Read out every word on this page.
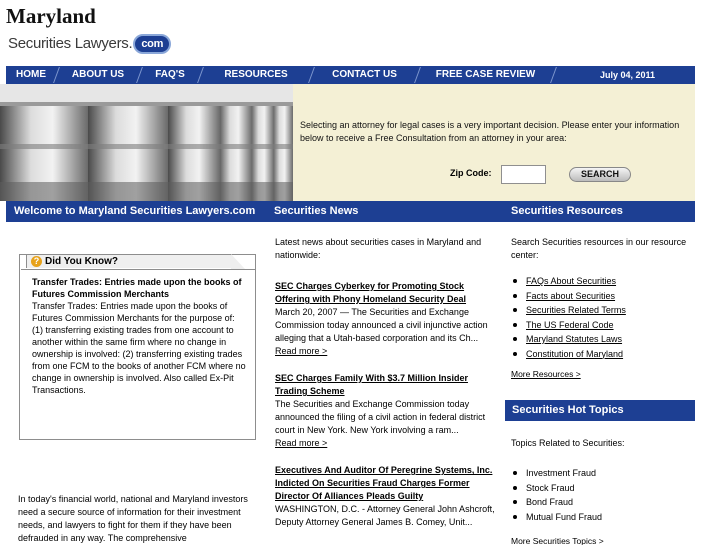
Maryland
Securities Lawyers. com
HOME	ABOUT US	FAQ'S	RESOURCES	CONTACT US	FREE CASE REVIEW	July 04, 2011
Selecting an attorney for legal cases is a very important decision. Please enter your information below to receive a Free Consultation from an attorney in your area:
Zip Code:	SEARCH
Welcome to Maryland Securities Lawyers.com	Securities News	Securities Resources
? Did You Know?
Transfer Trades: Entries made upon the books of Futures Commission Merchants
Transfer Trades: Entries made upon the books of Futures Commission Merchants for the purpose of: (1) transferring existing trades from one account to another within the same firm where no change in ownership is involved: (2) transferring existing trades from one FCM to the books of another FCM where no change in ownership is involved. Also called Ex-Pit Transactions.
In today's financial world, national and Maryland investors need a secure source of information for their investment needs, and lawyers to fight for them if they have been defrauded in any way. The comprehensive
Latest news about securities cases in Maryland and nationwide:
SEC Charges Cyberkey for Promoting Stock Offering with Phony Homeland Security Deal
March 20, 2007 — The Securities and Exchange Commission today announced a civil injunctive action alleging that a Utah-based corporation and its Ch...
Read more >
SEC Charges Family With $3.7 Million Insider Trading Scheme
The Securities and Exchange Commission today announced the filing of a civil action in federal district court in New York. New York involving a ram...
Read more >
Executives And Auditor Of Peregrine Systems, Inc. Indicted On Securities Fraud Charges Former Director Of Alliances Pleads Guilty
WASHINGTON, D.C. - Attorney General John Ashcroft, Deputy Attorney General James B. Comey, Unit...
Search Securities resources in our resource center:
FAQs About Securities
Facts about Securities
Securities Related Terms
The US Federal Code
Maryland Statutes Laws
Constitution of Maryland
More Resources >
Securities Hot Topics
Topics Related to Securities:
Investment Fraud
Stock Fraud
Bond Fraud
Mutual Fund Fraud
More Securities Topics >
